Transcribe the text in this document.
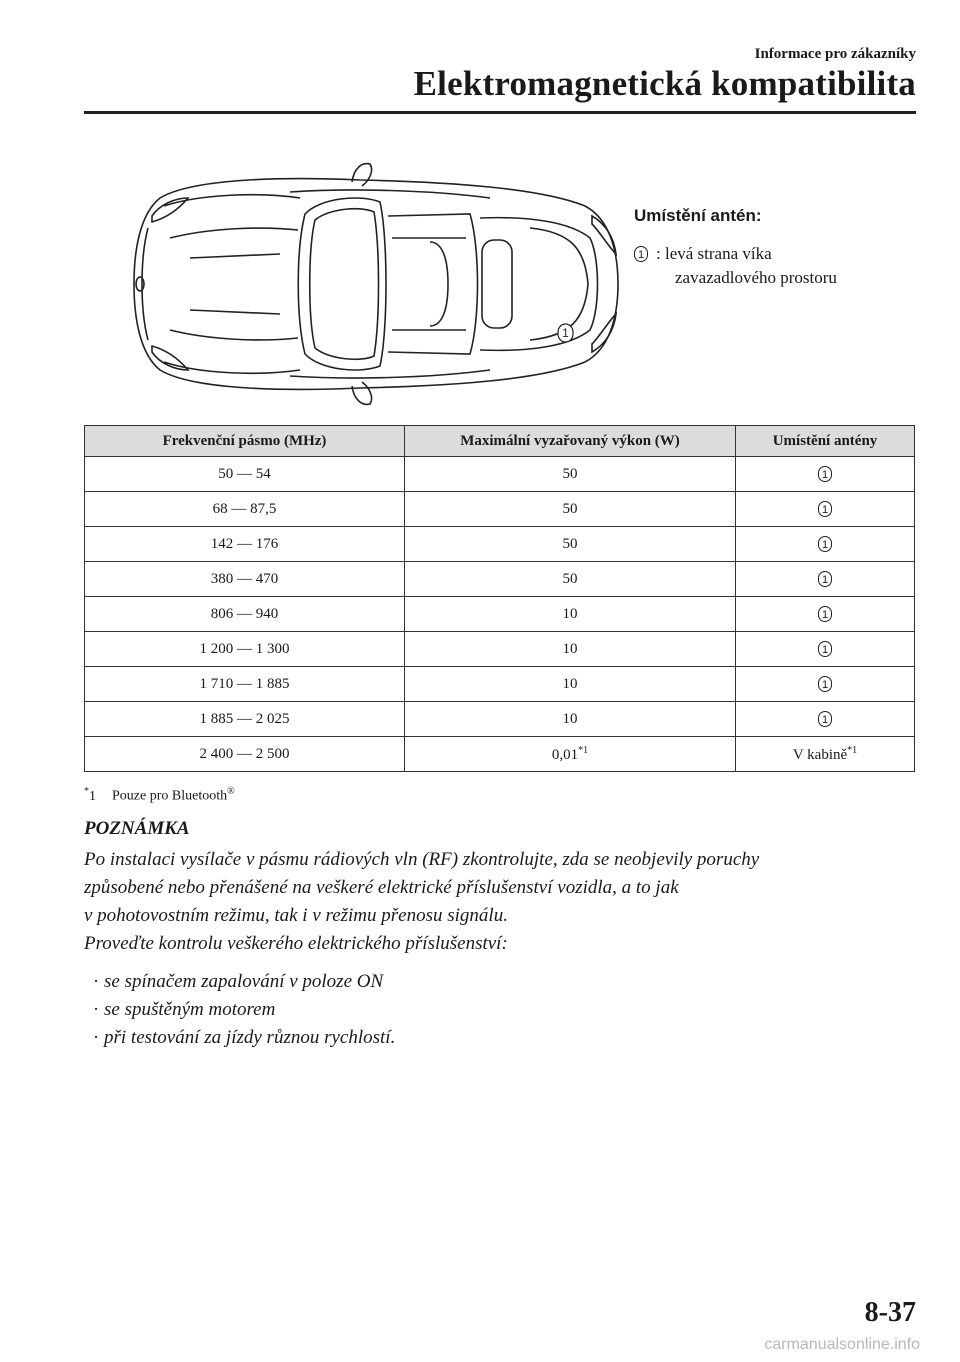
Informace pro zákazníky
Elektromagnetická kompatibilita
1
Umístění antén:
1 : levá strana víka
zavazadlového prostoru
Frekvenční pásmo (MHz)	Maximální vyzařovaný výkon (W)	Umístění antény
50 — 54	50	1
68 — 87,5	50	1
142 — 176	50	1
380 — 470	50	1
806 — 940	10	1
1 200 — 1 300	10	1
1 710 — 1 885	10	1
1 885 — 2 025	10	1
2 400 — 2 500	0,01$^{*1}$	V kabině$^{*1}$
*1 Pouze pro Bluetooth®
POZNÁMKA

Po instalaci vysílače v pásmu rádiových vln (RF) zkontrolujte, zda se neobjevily poruchy

způsobené nebo přenášené na veškeré elektrické příslušenství vozidla, a to jak

v pohotovostním režimu, tak i v režimu přenosu signálu.

Proveďte kontrolu veškerého elektrického příslušenství:

· se spínačem zapalování v poloze ON
· se spuštěným motorem
· při testování za jízdy různou rychlostí.
8-37
carmanualsonline.info
